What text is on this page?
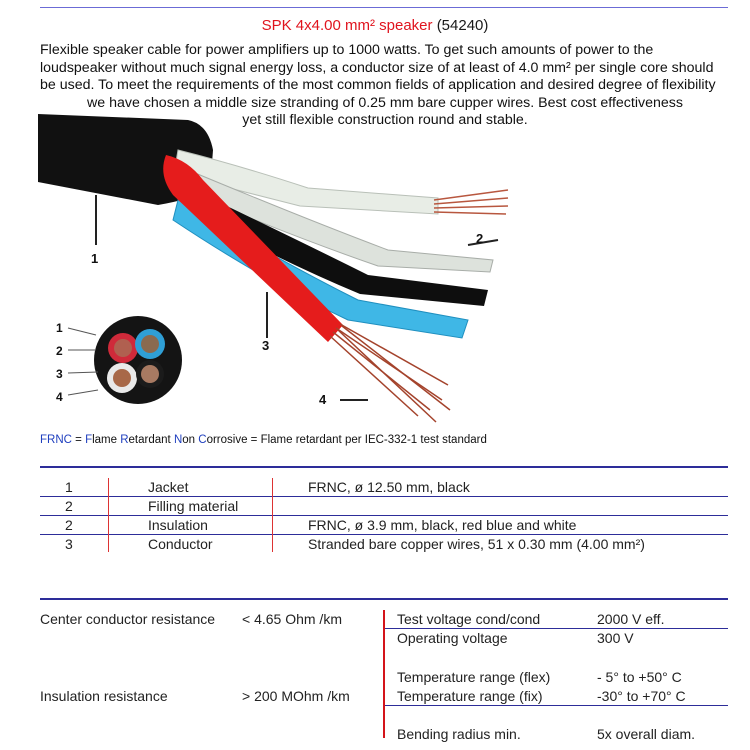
SPK 4x4.00 mm² speaker (54240)

Flexible speaker cable for power amplifiers up to 1000 watts. To get such amounts of power to the

loudspeaker without much signal energy loss, a conductor size of at least of 4.0 mm² per single core should

be used. To meet the requirements of the most common fields of application and desired degree of flexibility

we have chosen a middle size stranding of 0.25 mm bare cupper wires. Best cost effectiveness

yet still flexible construction round and stable.

1
2
3
4
1
2
3
4
FRNC = Flame Retardant Non Corrosive = Flame retardant per IEC-332-1 test standard
1	Jacket	FRNC, ø 12.50 mm, black
2	Filling material
2	Insulation	FRNC, ø 3.9 mm, black, red blue and white
3	Conductor	Stranded bare copper wires, 51 x 0.30 mm (4.00 mm²)
Center conductor resistance < 4.65 Ohm /km
Insulation resistance	> 200 MOhm /km
Test voltage cond/cond	2000 V eff.
Operating voltage	300 V
Temperature range (flex)	- 5° to +50° C
Temperature range (fix)	-30° to +70° C
Bending radius min.	5x overall diam.
